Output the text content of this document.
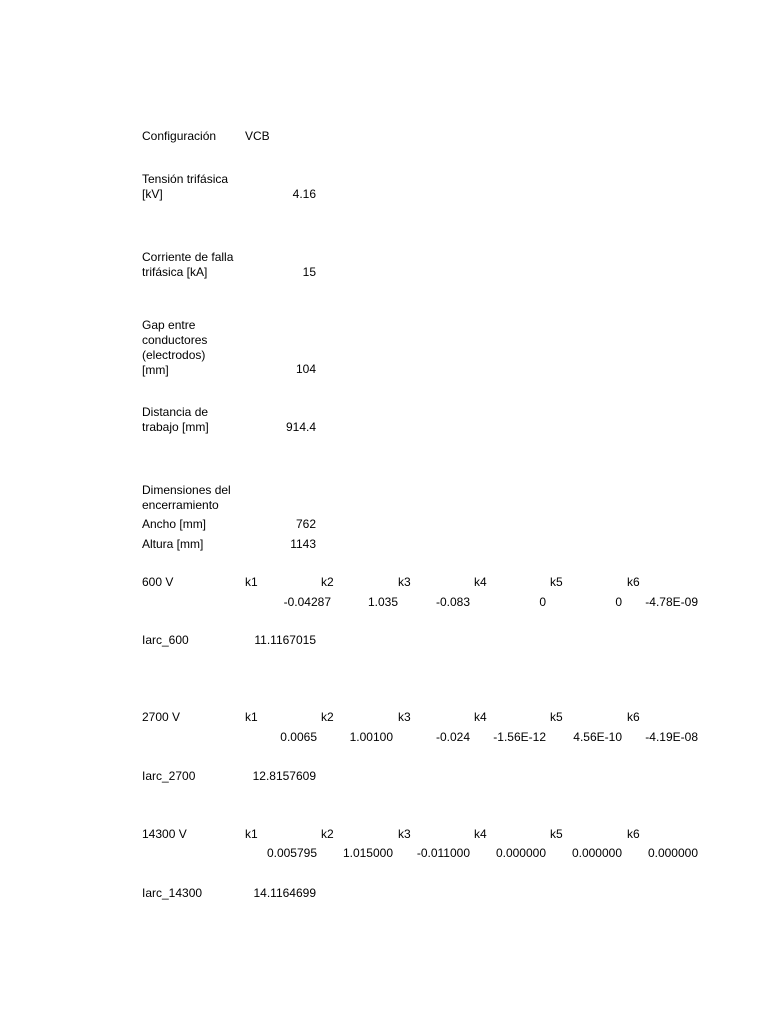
Configuración VCB
Tensión trifásica
[kV]	4.16
Corriente de falla
trifásica [kA]	15
Gap entre
conductores
(electrodos)
[mm]	104
Distancia de
trabajo [mm]	914.4
Dimensiones del
encerramiento
Ancho [mm]	762
Altura [mm]	1143
600 V	k1	k2	k3	k4	k5	k6
-0.04287	1.035	-0.083	0	0	-4.78E-09
Iarc_600	11.1167015
2700 V	k1	k2	k3	k4	k5	k6
0.0065	1.00100	-0.024	-1.56E-12	4.56E-10	-4.19E-08
Iarc_2700	12.8157609
14300 V	k1	k2	k3	k4	k5	k6
0.005795	1.015000	-0.011000	0.000000	0.000000	0.000000
Iarc_14300	14.1164699
